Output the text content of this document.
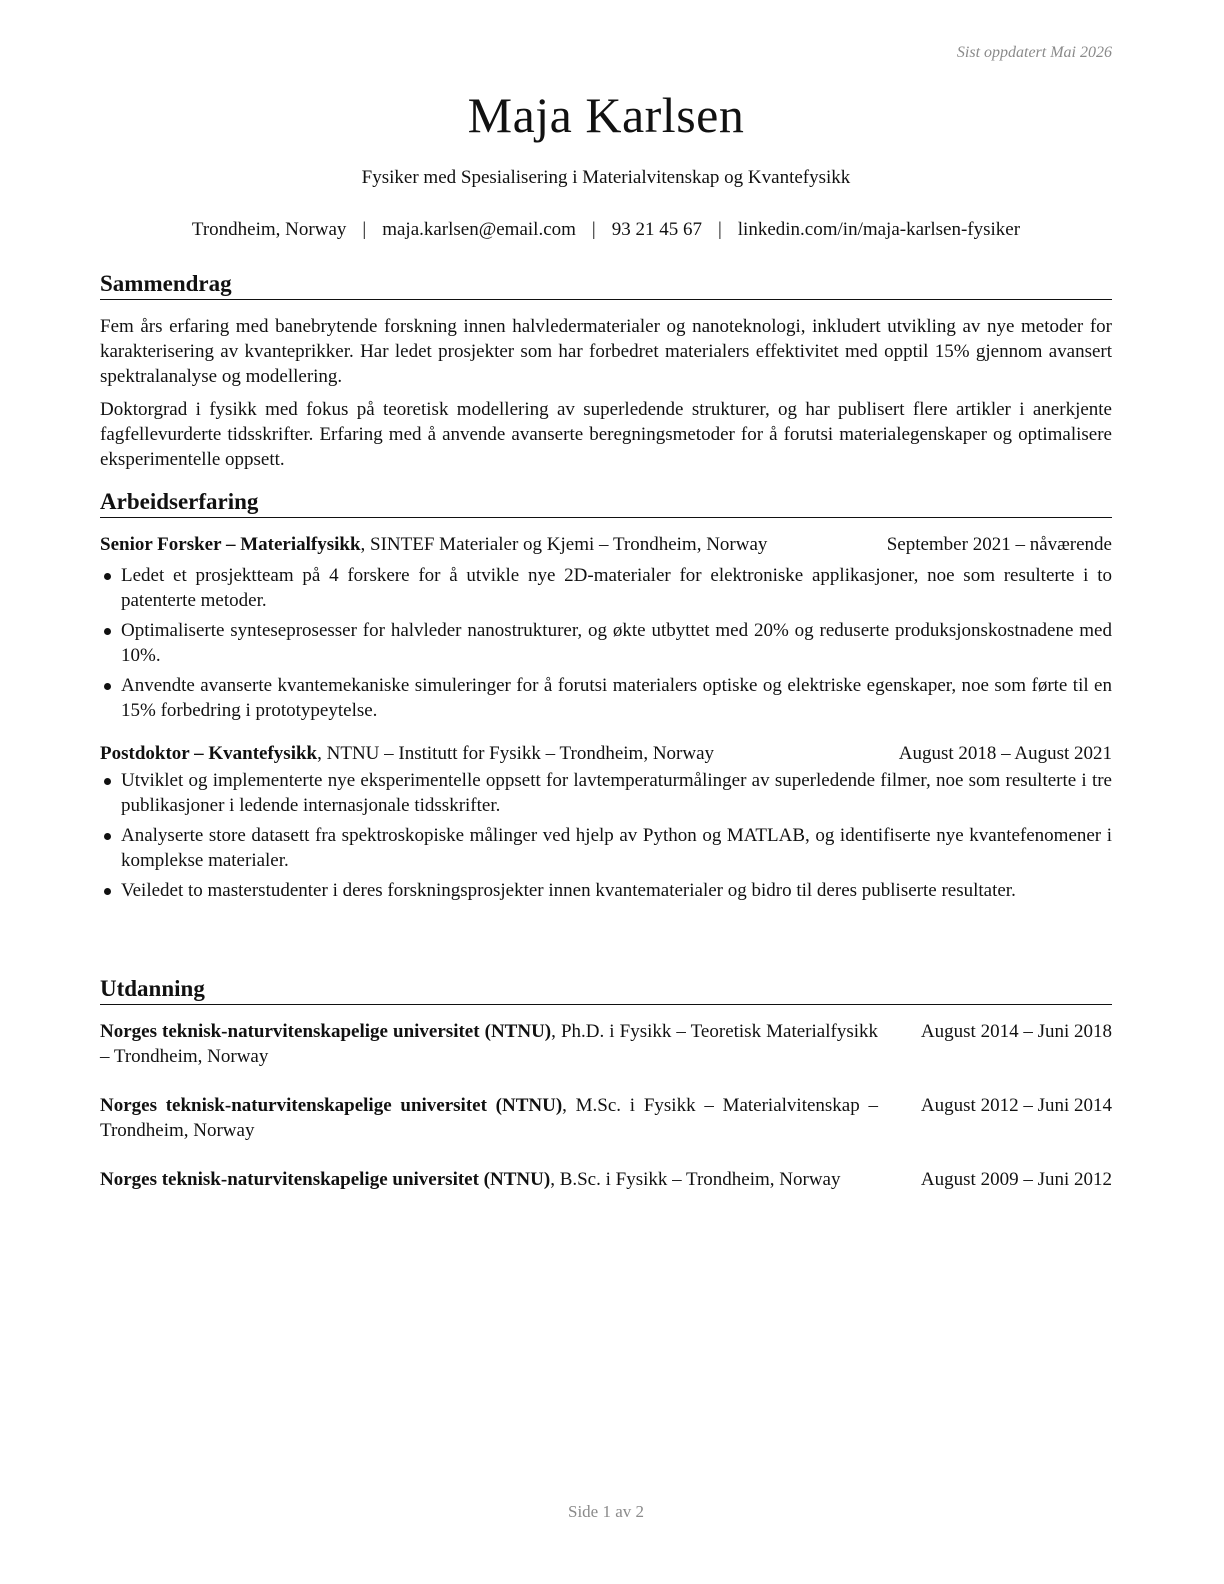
Sist oppdatert Mai 2026
Maja Karlsen
Fysiker med Spesialisering i Materialvitenskap og Kvantefysikk
Trondheim, Norway | maja.karlsen@email.com | 93 21 45 67 | linkedin.com/in/maja-karlsen-fysiker
Sammendrag

Fem års erfaring med banebrytende forskning innen halvledermaterialer og nanoteknologi, inkludert utvikling av nye metoder for karakterisering av kvanteprikker. Har ledet prosjekter som har forbedret materialers effektivitet med opptil 15% gjennom avansert spektralanalyse og modellering.

Doktorgrad i fysikk med fokus på teoretisk modellering av superledende strukturer, og har publisert flere artikler i anerkjente fagfellevurderte tidsskrifter. Erfaring med å anvende avanserte beregningsmetoder for å forutsi materialegenskaper og optimalisere eksperimentelle oppsett.

Arbeidserfaring
Senior Forsker – Materialfysikk, SINTEF Materialer og Kjemi – Trondheim, Norway	September 2021 – nåværende
Ledet et prosjektteam på 4 forskere for å utvikle nye 2D-materialer for elektroniske applikasjoner, noe som resulterte i to patenterte metoder.
Optimaliserte synteseprosesser for halvleder nanostrukturer, og økte utbyttet med 20% og reduserte produksjonskostnadene med 10%.
Anvendte avanserte kvantemekaniske simuleringer for å forutsi materialers optiske og elektriske egenskaper, noe som førte til en 15% forbedring i prototypeytelse.
Postdoktor – Kvantefysikk, NTNU – Institutt for Fysikk – Trondheim, Norway	August 2018 – August 2021
Utviklet og implementerte nye eksperimentelle oppsett for lavtemperaturmålinger av superledende filmer, noe som resulterte i tre publikasjoner i ledende internasjonale tidsskrifter.
Analyserte store datasett fra spektroskopiske målinger ved hjelp av Python og MATLAB, og identifiserte nye kvantefenomener i komplekse materialer.
Veiledet to masterstudenter i deres forskningsprosjekter innen kvantematerialer og bidro til deres publiserte resultater.
Utdanning
Norges teknisk-naturvitenskapelige universitet (NTNU), Ph.D. i Fysikk – Teoretisk Materialfysikk – Trondheim, Norway
August 2014 – Juni 2018
Norges teknisk-naturvitenskapelige universitet (NTNU), M.Sc. i Fysikk – Materialvitenskap – Trondheim, Norway
August 2012 – Juni 2014
Norges teknisk-naturvitenskapelige universitet (NTNU), B.Sc. i Fysikk – Trondheim, Norway	August 2009 – Juni 2012
Side 1 av 2
